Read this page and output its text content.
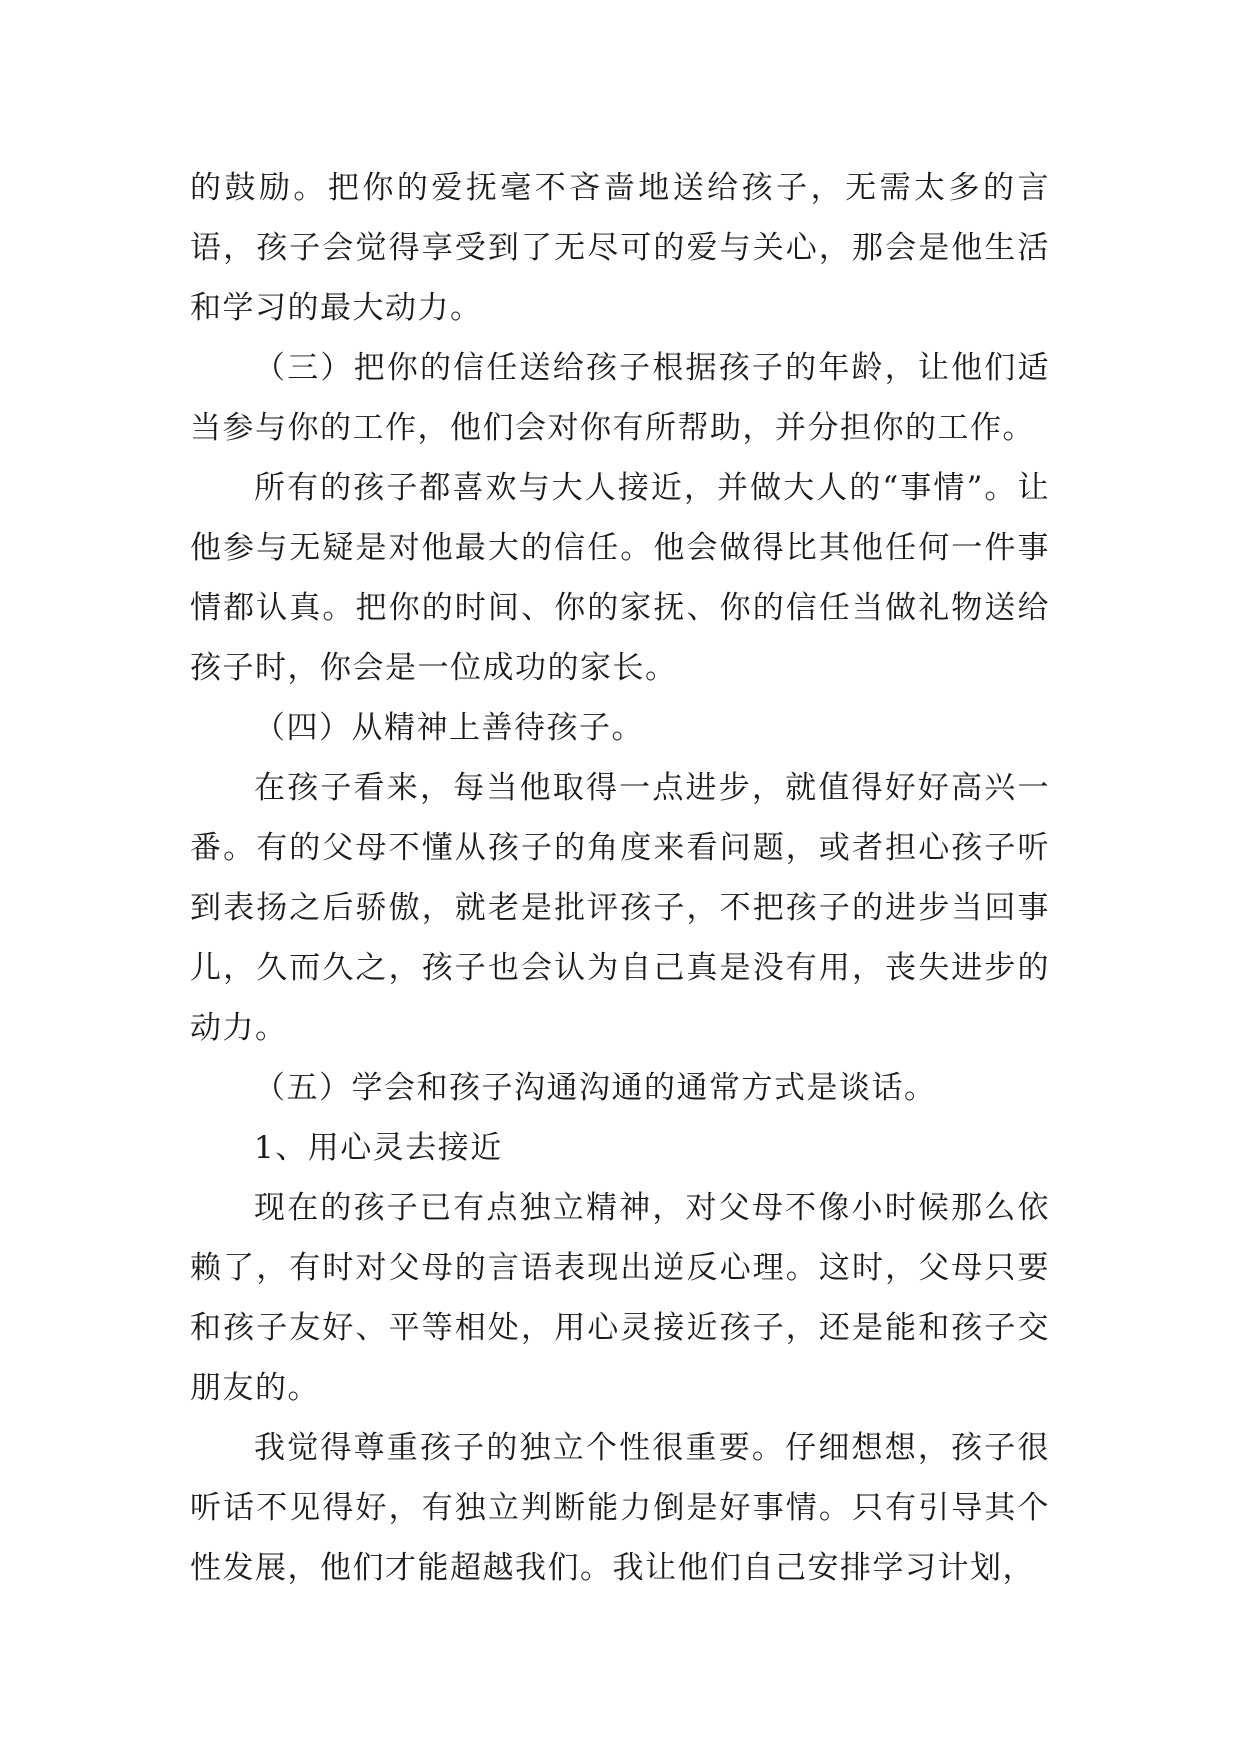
的鼓励。把你的爱抚毫不吝啬地送给孩子，无需太多的言语，孩子会觉得享受到了无尽可的爱与关心，那会是他生活和学习的最大动力。

（三）把你的信任送给孩子根据孩子的年龄，让他们适当参与你的工作，他们会对你有所帮助，并分担你的工作。

所有的孩子都喜欢与大人接近，并做大人的“事情”。让他参与无疑是对他最大的信任。他会做得比其他任何一件事情都认真。把你的时间、你的家抚、你的信任当做礼物送给孩子时，你会是一位成功的家长。

（四）从精神上善待孩子。

在孩子看来，每当他取得一点进步，就值得好好高兴一番。有的父母不懂从孩子的角度来看问题，或者担心孩子听到表扬之后骄傲，就老是批评孩子，不把孩子的进步当回事儿，久而久之，孩子也会认为自己真是没有用，丧失进步的动力。

（五）学会和孩子沟通沟通的通常方式是谈话。

1、用心灵去接近

现在的孩子已有点独立精神，对父母不像小时候那么依赖了，有时对父母的言语表现出逆反心理。这时，父母只要和孩子友好、平等相处，用心灵接近孩子，还是能和孩子交朋友的。

我觉得尊重孩子的独立个性很重要。仔细想想，孩子很听话不见得好，有独立判断能力倒是好事情。只有引导其个性发展，他们才能超越我们。我让他们自己安排学习计划，
